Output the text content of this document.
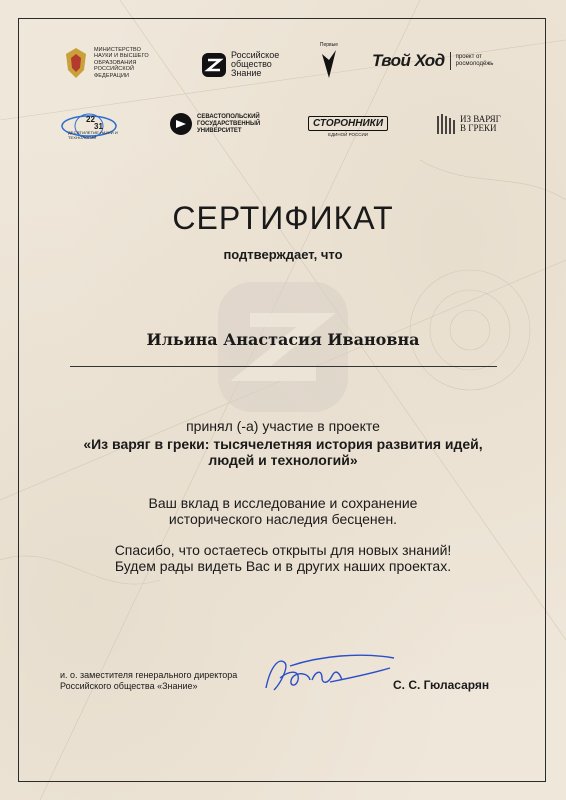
МИНИСТЕРСТВО НАУКИ И ВЫСШЕГО ОБРАЗОВАНИЯ РОССИЙСКОЙ ФЕДЕРАЦИИ
Российское
общество
Знание
Первые
Твой Ход проект от росмолодёжь
22
31
ДЕСЯТИЛЕТИЕ НАУКИ И ТЕХНОЛОГИЙ
СЕВАСТОПОЛЬСКИЙ ГОСУДАРСТВЕННЫЙ УНИВЕРСИТЕТ
СТОРОННИКИ
ЕДИНОЙ РОССИИ
ИЗ ВАРЯГ
В ГРЕКИ
СЕРТИФИКАТ
подтверждает, что
Ильина Анастасия Ивановна
принял (-а) участие в проекте
«Из варяг в греки: тысячелетняя история развития идей,
людей и технологий»
Ваш вклад в исследование и сохранение
исторического наследия бесценен.
Спасибо, что остаетесь открыты для новых знаний!
Будем рады видеть Вас и в других наших проектах.
и. о. заместителя генерального директора
Российского общества «Знание»	С. С. Гюласарян
